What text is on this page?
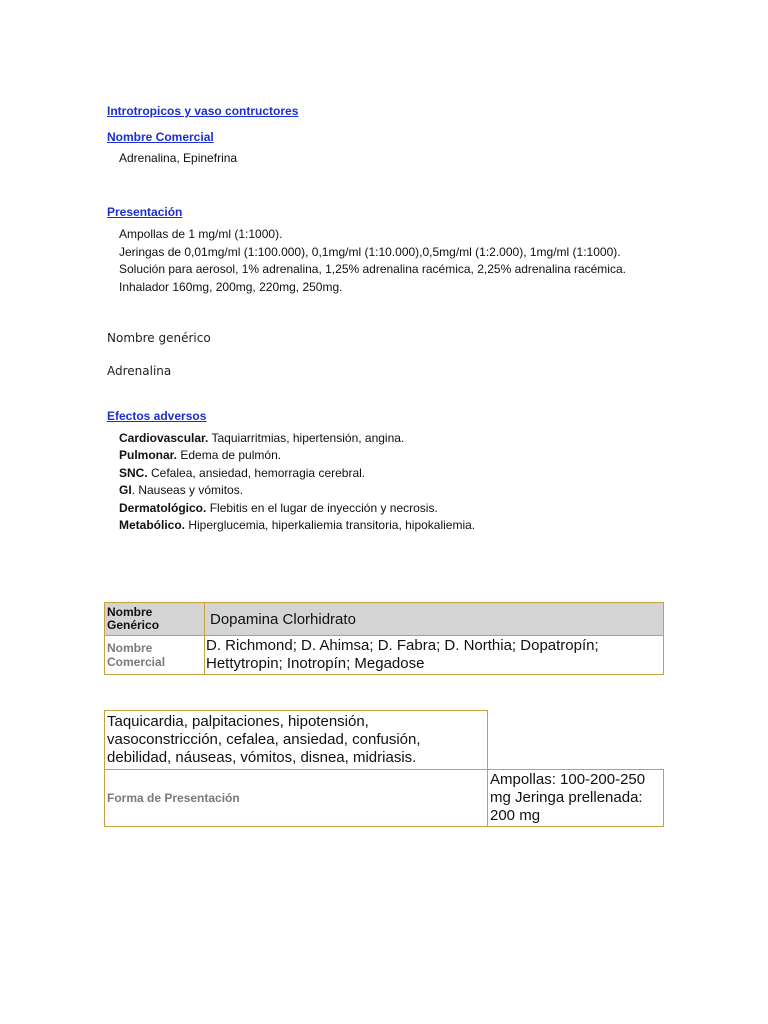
Introtropicos y vaso contructores

Nombre Comercial

Adrenalina, Epinefrina

Presentación

Ampollas de 1 mg/ml (1:1000).
Jeringas de 0,01mg/ml (1:100.000), 0,1mg/ml (1:10.000),0,5mg/ml (1:2.000), 1mg/ml (1:1000).
Solución para aerosol, 1% adrenalina, 1,25% adrenalina racémica, 2,25% adrenalina racémica.
Inhalador 160mg, 200mg, 220mg, 250mg.
Nombre genérico
Adrenalina

Efectos adversos

Cardiovascular. Taquiarritmias, hipertensión, angina.
Pulmonar. Edema de pulmón.
SNC. Cefalea, ansiedad, hemorragia cerebral.
GI. Nauseas y vómitos.
Dermatológico. Flebitis en el lugar de inyección y necrosis.
Metabólico. Hiperglucemia, hiperkaliemia transitoria, hipokaliemia.
Nombre Genérico	Dopamina Clorhidrato
Nombre Comercial	D. Richmond; D. Ahimsa; D. Fabra; D. Northia; Dopatropín; Hettytropin; Inotropín; Megadose
Taquicardia, palpitaciones, hipotensión, vasoconstricción, cefalea, ansiedad, confusión, debilidad, náuseas, vómitos, disnea, midriasis.	
Forma de Presentación	Ampollas: 100-200-250 mg Jeringa prellenada: 200 mg
